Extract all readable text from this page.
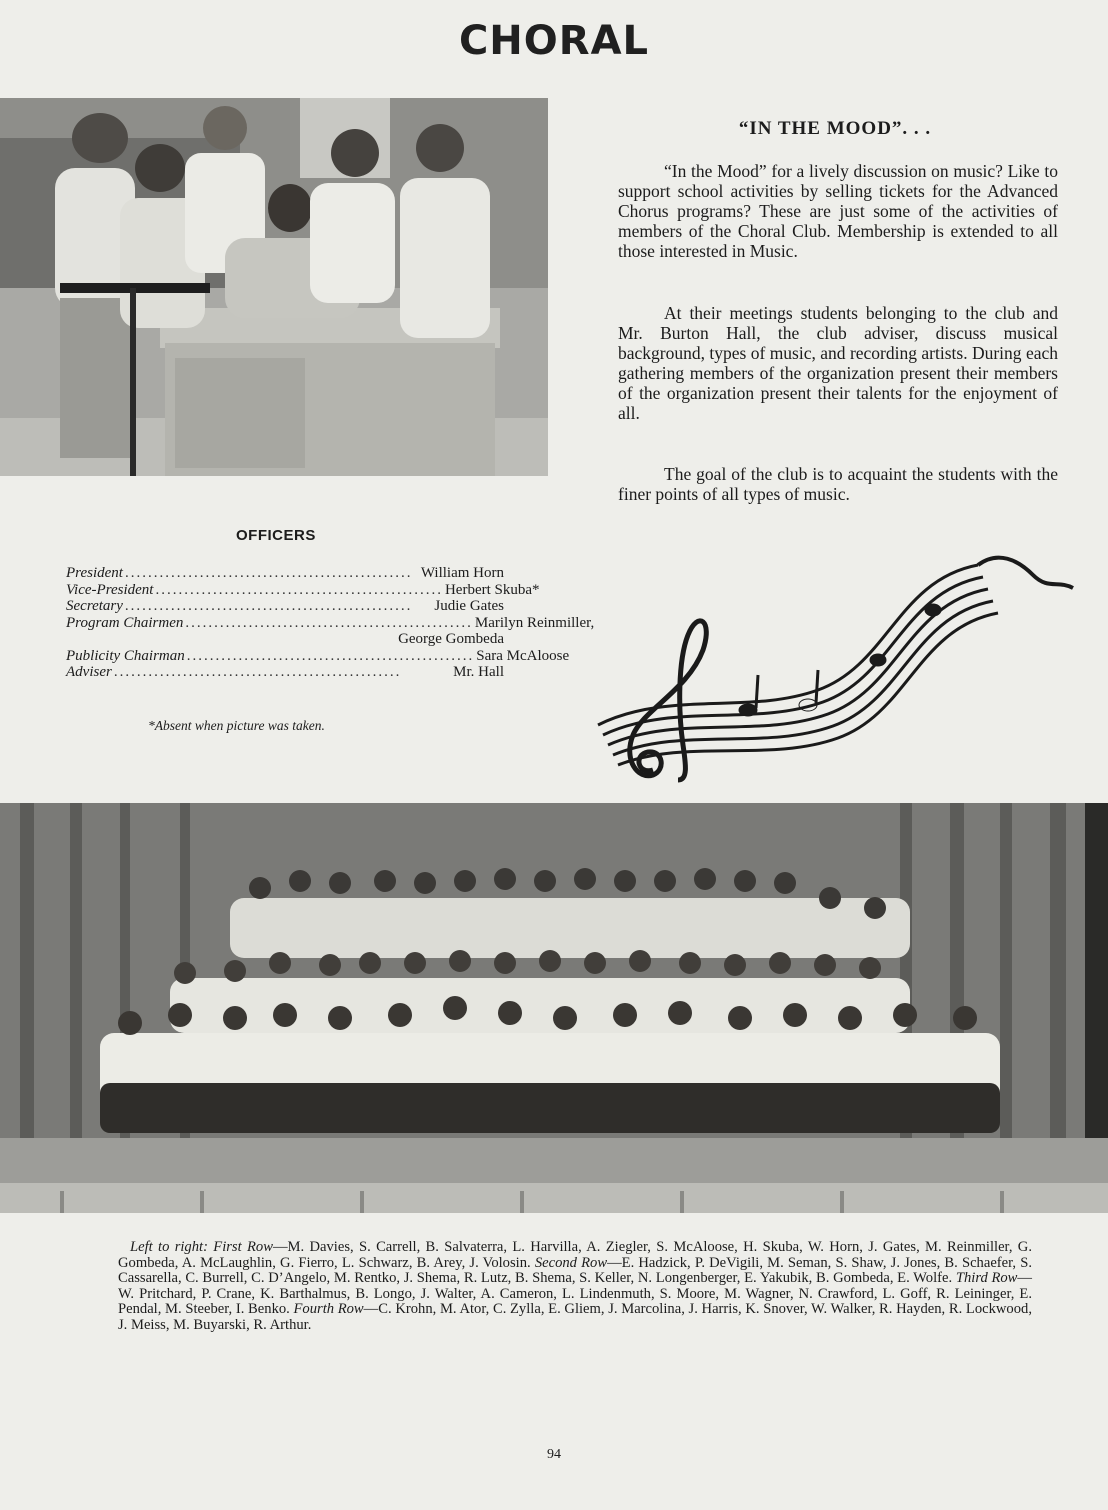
CHORAL
“IN THE MOOD”. . .

“In the Mood” for a lively discussion on music? Like to support school activities by selling tickets for the Advanced Chorus programs? These are just some of the activities of members of the Choral Club. Membership is extended to all those interested in Music.

At their meetings students belonging to the club and Mr. Burton Hall, the club adviser, discuss musical background, types of music, and recording artists. During each gathering members of the organization present their members of the organization present their talents for the enjoyment of all.

The goal of the club is to acquaint the students with the finer points of all types of music.

OFFICERS
President .................................................. William Horn
Vice-President .................................................. Herbert Skuba*
Secretary ..................................................	Judie Gates
Program Chairmen .................................................. Marilyn Reinmiller,
George Gombeda
Publicity Chairman .................................................. Sara McAloose
Adviser ..................................................	Mr. Hall
*Absent when picture was taken.

Left to right: First Row—M. Davies, S. Carrell, B. Salvaterra, L. Harvilla, A. Ziegler, S. McAloose, H. Skuba, W. Horn, J. Gates, M. Reinmiller, G. Gombeda, A. McLaughlin, G. Fierro, L. Schwarz, B. Arey, J. Volosin. Second Row—E. Hadzick, P. DeVigili, M. Seman, S. Shaw, J. Jones, B. Schaefer, S. Cassarella, C. Burrell, C. D’Angelo, M. Rentko, J. Shema, R. Lutz, B. Shema, S. Keller, N. Longenberger, E. Yakubik, B. Gombeda, E. Wolfe. Third Row—W. Pritchard, P. Crane, K. Barthalmus, B. Longo, J. Walter, A. Cameron, L. Lindenmuth, S. Moore, M. Wagner, N. Crawford, L. Goff, R. Leininger, E. Pendal, M. Steeber, I. Benko. Fourth Row—C. Krohn, M. Ator, C. Zylla, E. Gliem, J. Marcolina, J. Harris, K. Snover, W. Walker, R. Hayden, R. Lockwood, J. Meiss, M. Buyarski, R. Arthur.

94
